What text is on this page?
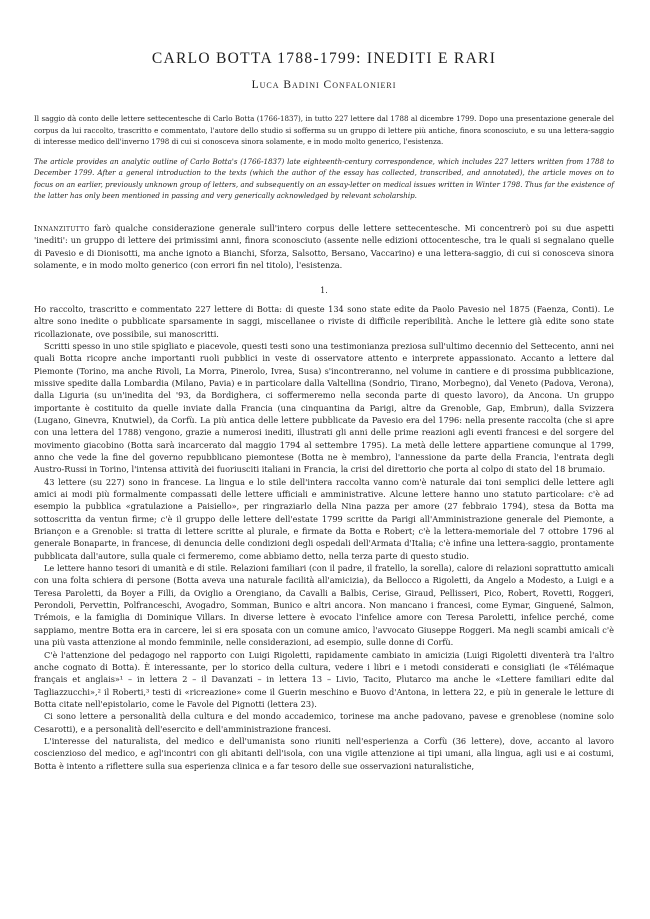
CARLO BOTTA 1788-1799: INEDITI E RARI
Luca Badini Confalonieri

Il saggio dà conto delle lettere settecentesche di Carlo Botta (1766-1837), in tutto 227 lettere dal 1788 al dicembre 1799. Dopo una presentazione generale del corpus da lui raccolto, trascritto e commentato, l'autore dello studio si sofferma su un gruppo di lettere più antiche, finora sconosciuto, e su una lettera-saggio di interesse medico dell'inverno 1798 di cui si conosceva sinora solamente, e in modo molto generico, l'esistenza.

The article provides an analytic outline of Carlo Botta's (1766-1837) late eighteenth-century correspondence, which includes 227 letters written from 1788 to December 1799. After a general introduction to the texts (which the author of the essay has collected, transcribed, and annotated), the article moves on to focus on an earlier, previously unknown group of letters, and subsequently on an essay-letter on medical issues written in Winter 1798. Thus far the existence of the latter has only been mentioned in passing and very generically acknowledged by relevant scholarship.

Innanzitutto farò qualche considerazione generale sull'intero corpus delle lettere settecentesche. Mi concentrerò poi su due aspetti 'inediti': un gruppo di lettere dei primissimi anni, finora sconosciuto (assente nelle edizioni ottocentesche, tra le quali si segnalano quelle di Pavesio e di Dionisotti, ma anche ignoto a Bianchi, Sforza, Salsotto, Bersano, Vaccarino) e una lettera-saggio, di cui si conosceva sinora solamente, e in modo molto generico (con errori fin nel titolo), l'esistenza.

1.

Ho raccolto, trascritto e commentato 227 lettere di Botta: di queste 134 sono state edite da Paolo Pavesio nel 1875 (Faenza, Conti). Le altre sono inedite o pubblicate sparsamente in saggi, miscellanee o riviste di difficile reperibilità. Anche le lettere già edite sono state ricollazionate, ove possibile, sui manoscritti.

Scritti spesso in uno stile spigliato e piacevole, questi testi sono una testimonianza preziosa sull'ultimo decennio del Settecento, anni nei quali Botta ricopre anche importanti ruoli pubblici in veste di osservatore attento e interprete appassionato. Accanto a lettere dal Piemonte (Torino, ma anche Rivoli, La Morra, Pinerolo, Ivrea, Susa) s'incontreranno, nel volume in cantiere e di prossima pubblicazione, missive spedite dalla Lombardia (Milano, Pavia) e in particolare dalla Valtellina (Sondrio, Tirano, Morbegno), dal Veneto (Padova, Verona), dalla Liguria (su un'inedita del '93, da Bordighera, ci soffermeremo nella seconda parte di questo lavoro), da Ancona. Un gruppo importante è costituito da quelle inviate dalla Francia (una cinquantina da Parigi, altre da Grenoble, Gap, Embrun), dalla Svizzera (Lugano, Ginevra, Knutwiel), da Corfù. La più antica delle lettere pubblicate da Pavesio era del 1796: nella presente raccolta (che si apre con una lettera del 1788) vengono, grazie a numerosi inediti, illustrati gli anni delle prime reazioni agli eventi francesi e del sorgere del movimento giacobino (Botta sarà incarcerato dal maggio 1794 al settembre 1795). La metà delle lettere appartiene comunque al 1799, anno che vede la fine del governo repubblicano piemontese (Botta ne è membro), l'annessione da parte della Francia, l'entrata degli Austro-Russi in Torino, l'intensa attività dei fuoriusciti italiani in Francia, la crisi del direttorio che porta al colpo di stato del 18 brumaio.

43 lettere (su 227) sono in francese. La lingua e lo stile dell'intera raccolta vanno com'è naturale dai toni semplici delle lettere agli amici ai modi più formalmente compassati delle lettere ufficiali e amministrative. Alcune lettere hanno uno statuto particolare: c'è ad esempio la pubblica «gratulazione a Paisiello», per ringraziarlo della Nina pazza per amore (27 febbraio 1794), stesa da Botta ma sottoscritta da ventun firme; c'è il gruppo delle lettere dell'estate 1799 scritte da Parigi all'Amministrazione generale del Piemonte, a Briançon e a Grenoble: si tratta di lettere scritte al plurale, e firmate da Botta e Robert; c'è la lettera-memoriale del 7 ottobre 1796 al generale Bonaparte, in francese, di denuncia delle condizioni degli ospedali dell'Armata d'Italia; c'è infine una lettera-saggio, prontamente pubblicata dall'autore, sulla quale ci fermeremo, come abbiamo detto, nella terza parte di questo studio.

Le lettere hanno tesori di umanità e di stile. Relazioni familiari (con il padre, il fratello, la sorella), calore di relazioni soprattutto amicali con una folta schiera di persone (Botta aveva una naturale facilità all'amicizia), da Bellocco a Rigoletti, da Angelo a Modesto, a Luigi e a Teresa Paroletti, da Boyer a Filli, da Oviglio a Orengiano, da Cavalli a Balbis, Cerise, Giraud, Pellisseri, Pico, Robert, Rovetti, Roggeri, Perondoli, Pervettin, Polfranceschi, Avogadro, Somman, Bunico e altri ancora. Non mancano i francesi, come Eymar, Ginguené, Salmon, Trémois, e la famiglia di Dominique Villars. In diverse lettere è evocato l'infelice amore con Teresa Paroletti, infelice perché, come sappiamo, mentre Botta era in carcere, lei si era sposata con un comune amico, l'avvocato Giuseppe Roggeri. Ma negli scambi amicali c'è una più vasta attenzione al mondo femminile, nelle considerazioni, ad esempio, sulle donne di Corfù.

C'è l'attenzione del pedagogo nel rapporto con Luigi Rigoletti, rapidamente cambiato in amicizia (Luigi Rigoletti diventerà tra l'altro anche cognato di Botta). È interessante, per lo storico della cultura, vedere i libri e i metodi considerati e consigliati (le «Télémaque français et anglais»¹ – in lettera 2 – il Davanzati – in lettera 13 – Livio, Tacito, Plutarco ma anche le «Lettere familiari edite dal Tagliazzucchi»,² il Roberti,³ testi di «ricreazione» come il Guerin meschino e Buovo d'Antona, in lettera 22, e più in generale le letture di Botta citate nell'epistolario, come le Favole del Pignotti (lettera 23).

Ci sono lettere a personalità della cultura e del mondo accademico, torinese ma anche padovano, pavese e grenoblese (nomine solo Cesarotti), e a personalità dell'esercito e dell'amministrazione francesi.

L'interesse del naturalista, del medico e dell'umanista sono riuniti nell'esperienza a Corfù (36 lettere), dove, accanto al lavoro coscienzioso del medico, e agl'incontri con gli abitanti dell'isola, con una vigile attenzione ai tipi umani, alla lingua, agli usi e ai costumi, Botta è intento a riflettere sulla sua esperienza clinica e a far tesoro delle sue osservazioni naturalistiche,
